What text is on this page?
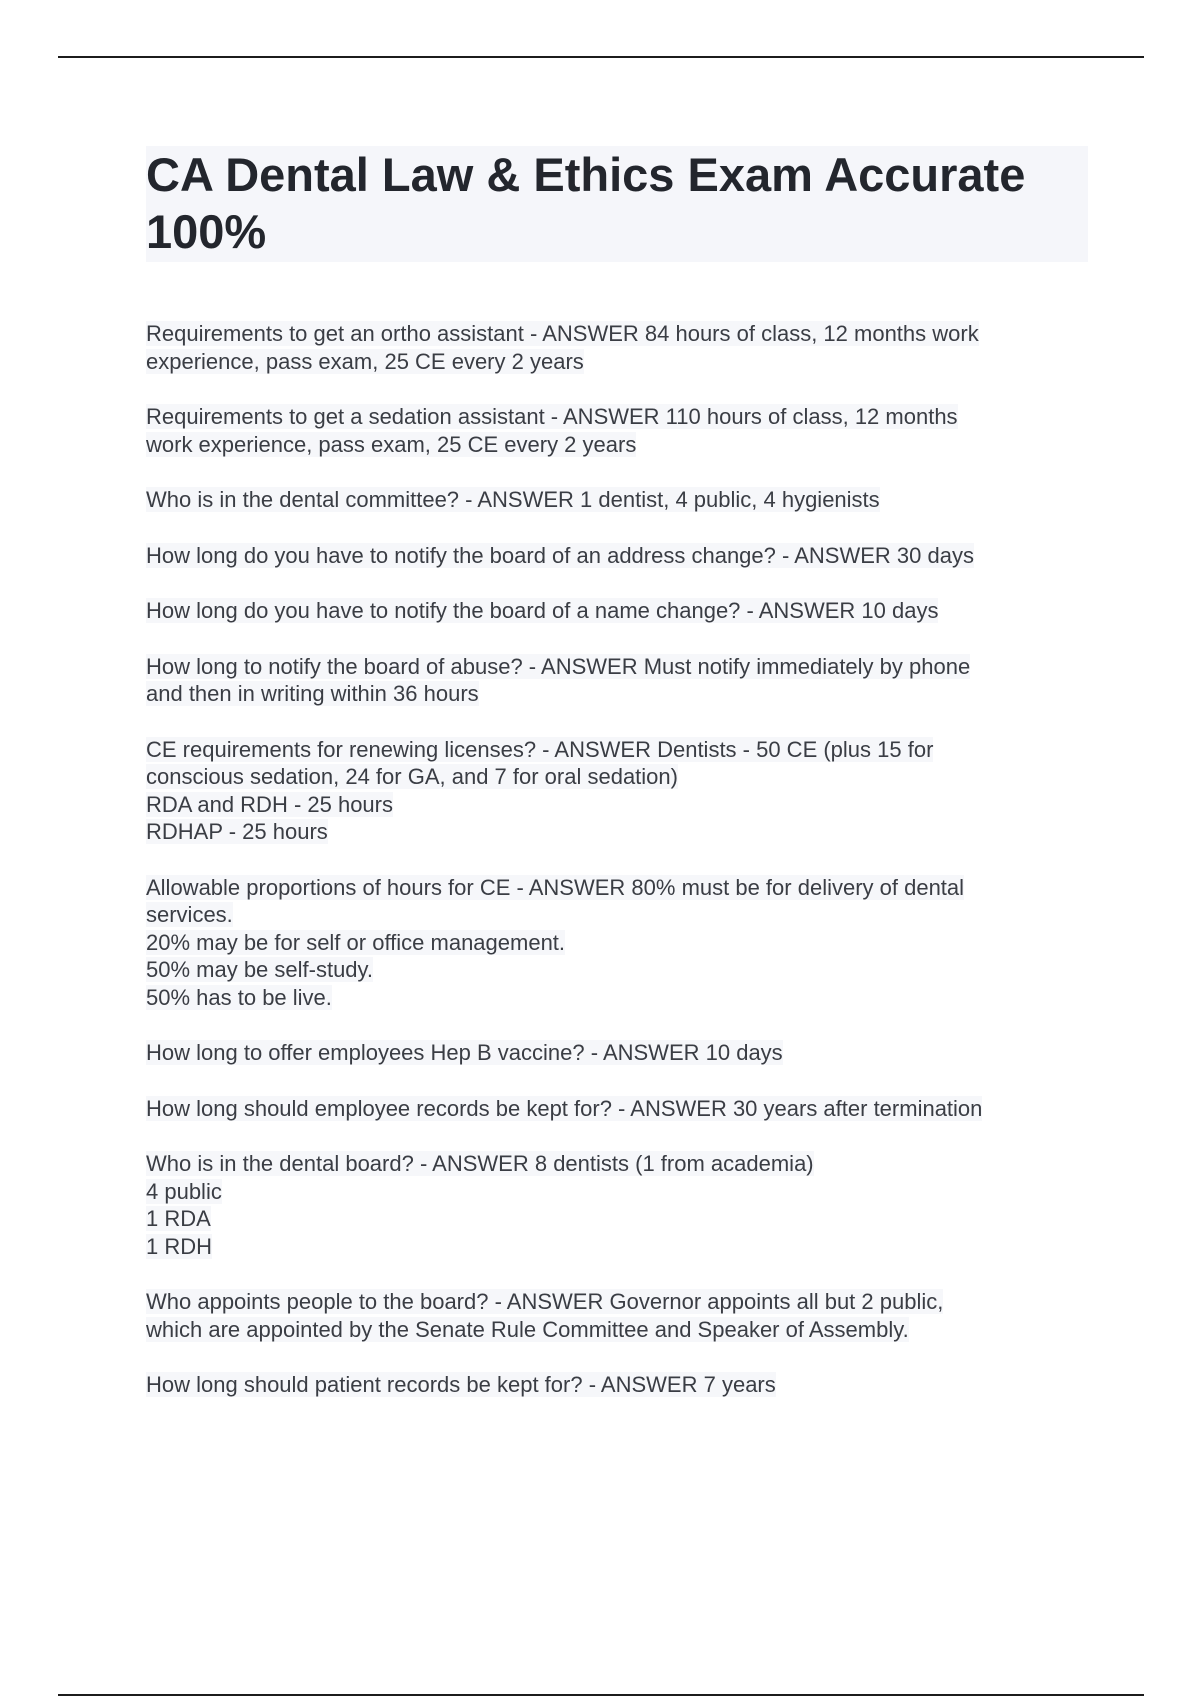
CA Dental Law & Ethics Exam Accurate 100%
Requirements to get an ortho assistant - ANSWER 84 hours of class, 12 months work
experience, pass exam, 25 CE every 2 years
Requirements to get a sedation assistant - ANSWER 110 hours of class, 12 months
work experience, pass exam, 25 CE every 2 years
Who is in the dental committee? - ANSWER 1 dentist, 4 public, 4 hygienists
How long do you have to notify the board of an address change? - ANSWER 30 days
How long do you have to notify the board of a name change? - ANSWER 10 days
How long to notify the board of abuse? - ANSWER Must notify immediately by phone
and then in writing within 36 hours
CE requirements for renewing licenses? - ANSWER Dentists - 50 CE (plus 15 for
conscious sedation, 24 for GA, and 7 for oral sedation)
RDA and RDH - 25 hours
RDHAP - 25 hours
Allowable proportions of hours for CE - ANSWER 80% must be for delivery of dental
services.
20% may be for self or office management.
50% may be self-study.
50% has to be live.
How long to offer employees Hep B vaccine? - ANSWER 10 days
How long should employee records be kept for? - ANSWER 30 years after termination
Who is in the dental board? - ANSWER 8 dentists (1 from academia)
4 public
1 RDA
1 RDH
Who appoints people to the board? - ANSWER Governor appoints all but 2 public,
which are appointed by the Senate Rule Committee and Speaker of Assembly.
How long should patient records be kept for? - ANSWER 7 years
